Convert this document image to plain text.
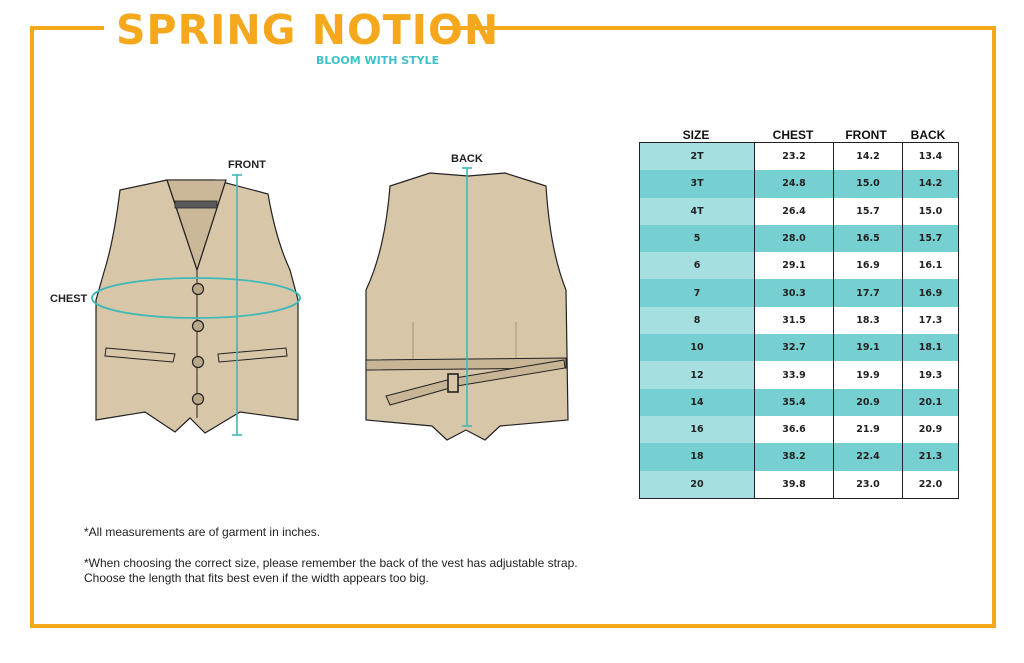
SPRING NOTION
BLOOM WITH STYLE
FRONT	BACK
CHEST
SIZE	CHEST	FRONT	BACK
2T	23.2	14.2	13.4
3T	24.8	15.0	14.2
4T	26.4	15.7	15.0
5	28.0	16.5	15.7
6	29.1	16.9	16.1
7	30.3	17.7	16.9
8	31.5	18.3	17.3
10	32.7	19.1	18.1
12	33.9	19.9	19.3
14	35.4	20.9	20.1
16	36.6	21.9	20.9
18	38.2	22.4	21.3
20	39.8	23.0	22.0
*All measurements are of garment in inches.
*When choosing the correct size, please remember the back of the vest has adjustable strap.
Choose the length that fits best even if the width appears too big.
